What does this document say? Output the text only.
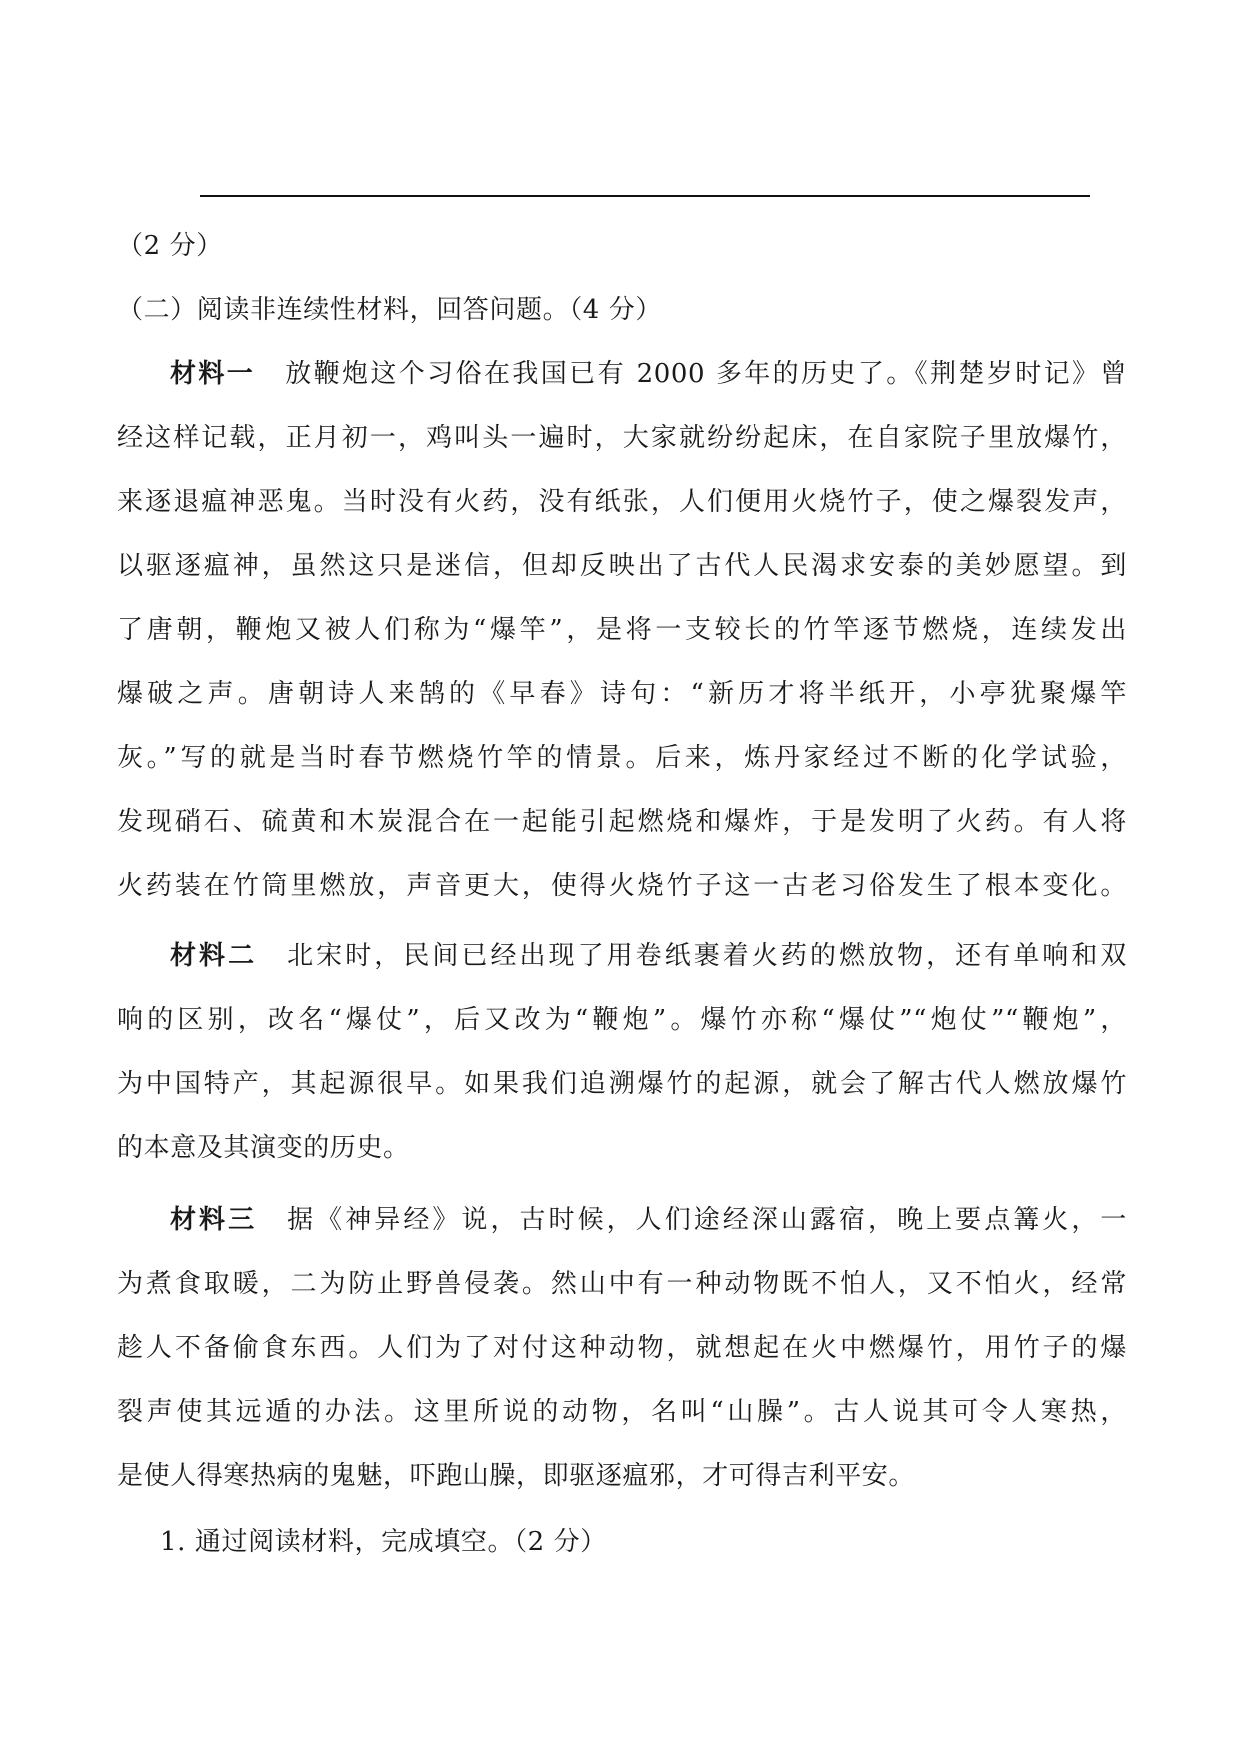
（2 分）
（二）阅读非连续性材料，回答问题。（4 分）
材料一 放鞭炮这个习俗在我国已有 2000 多年的历史了。《荆楚岁时记》曾
经这样记载，正月初一，鸡叫头一遍时，大家就纷纷起床，在自家院子里放爆竹，
来逐退瘟神恶鬼。当时没有火药，没有纸张，人们便用火烧竹子，使之爆裂发声，
以驱逐瘟神，虽然这只是迷信，但却反映出了古代人民渴求安泰的美妙愿望。到
了唐朝，鞭炮又被人们称为“爆竿”，是将一支较长的竹竿逐节燃烧，连续发出
爆破之声。唐朝诗人来鹄的《早春》诗句：“新历才将半纸开，小亭犹聚爆竿
灰。”写的就是当时春节燃烧竹竿的情景。后来，炼丹家经过不断的化学试验，
发现硝石、硫黄和木炭混合在一起能引起燃烧和爆炸，于是发明了火药。有人将
火药装在竹筒里燃放，声音更大，使得火烧竹子这一古老习俗发生了根本变化。
材料二 北宋时，民间已经出现了用卷纸裹着火药的燃放物，还有单响和双
响的区别，改名“爆仗”，后又改为“鞭炮”。爆竹亦称“爆仗”“炮仗”“鞭炮”，
为中国特产，其起源很早。如果我们追溯爆竹的起源，就会了解古代人燃放爆竹
的本意及其演变的历史。
材料三 据《神异经》说，古时候，人们途经深山露宿，晚上要点篝火，一
为煮食取暖，二为防止野兽侵袭。然山中有一种动物既不怕人，又不怕火，经常
趁人不备偷食东西。人们为了对付这种动物，就想起在火中燃爆竹，用竹子的爆
裂声使其远遁的办法。这里所说的动物，名叫“山臊”。古人说其可令人寒热，
是使人得寒热病的鬼魅，吓跑山臊，即驱逐瘟邪，才可得吉利平安。
1. 通过阅读材料，完成填空。（2 分）
